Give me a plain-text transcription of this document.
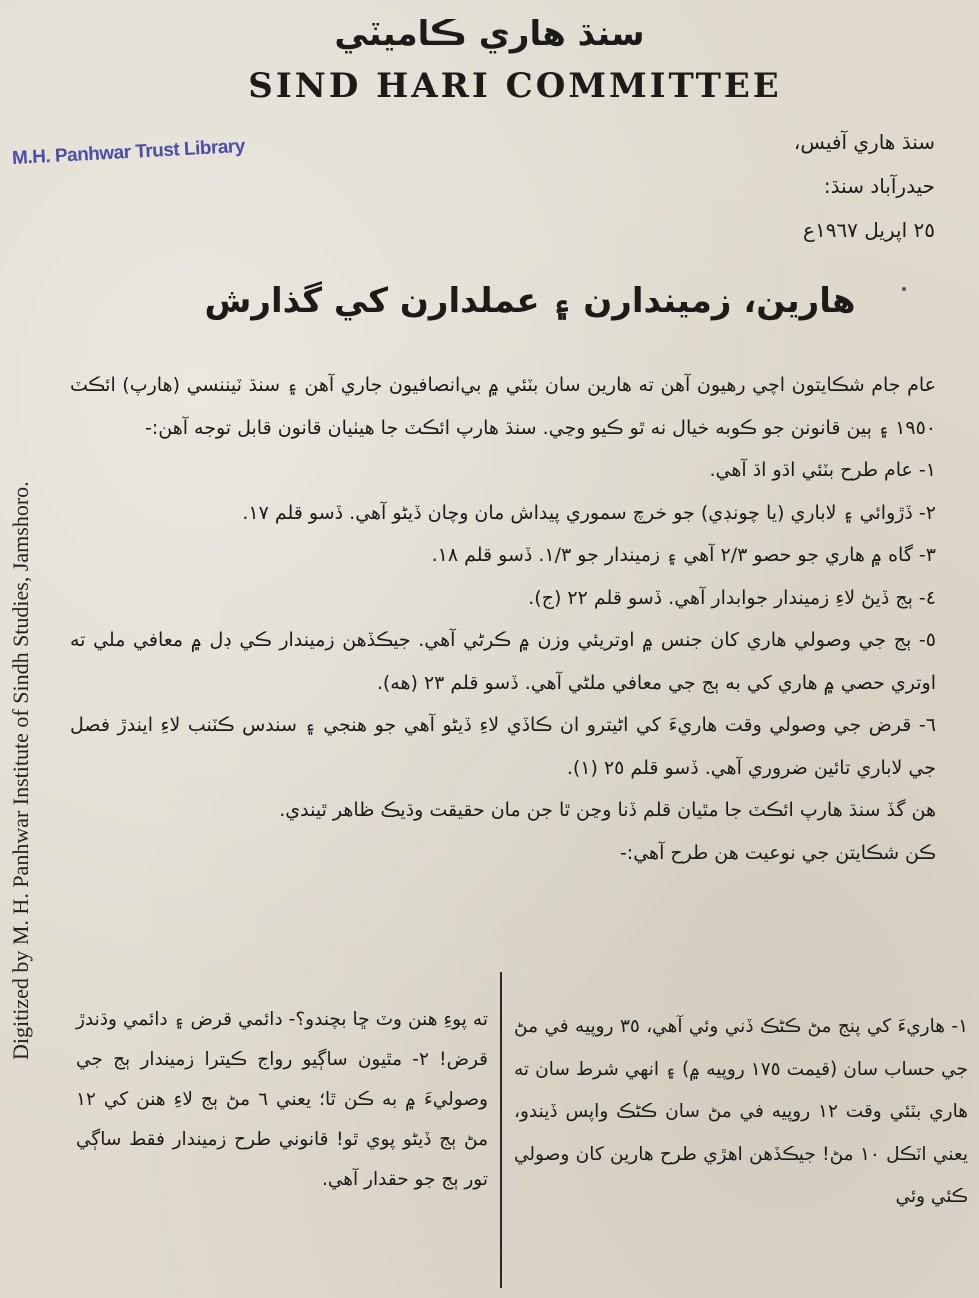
سنڌ هاري ڪاميٽي
SIND HARI COMMITTEE
M.H. Panhwar Trust Library	سنڌ هاري آفيس،
حيدرآباد سنڌ:
٢٥ اپريل ١٩٦٧ع
Digitized by M. H. Panhwar Institute of Sindh Studies, Jamshoro.
هارين، زميندارن ۽ عملدارن کي گذارش

عام جام شڪايتون اچي رهيون آهن ته هارين سان بٽئي ۾ بي‌انصافيون جاري آهن ۽ سنڌ ٽيننسي (هارپ) ائڪٽ ١٩٥٠ ۽ ٻين قانونن جو ڪوبه خيال نه ٿو ڪيو وڃي. سنڌ هارپ ائڪٽ جا هيٺيان قانون قابل توجه آهن:-

١- عام طرح بٽئي اڌو اڌ آهي.

٢- ڏڙوائي ۽ لاباري (يا چونڊي) جو خرچ سموري پيداش مان وچان ڏيڻو آهي. ڏسو قلم ١٧.

٣- گاه ۾ هاري جو حصو ٢/٣ آهي ۽ زميندار جو ١/٣. ڏسو قلم ١٨.

٤- ٻج ڏيڻ لاءِ زميندار جوابدار آهي. ڏسو قلم ٢٢ (ج).

٥- ٻج جي وصولي هاري کان جنس ۾ اوتريئي وزن ۾ ڪرڻي آهي. جيڪڏهن زميندار ڪي ڊل ۾ معافي ملي ته اوتري حصي ۾ هاري کي به ٻج جي معافي ملڻي آهي. ڏسو قلم ٢٣ (هه).

٦- قرض جي وصولي وقت هاريءَ کي اڻيترو ان ڪاڏي لاءِ ڏيڻو آهي جو هنجي ۽ سندس ڪٽنب لاءِ ايندڙ فصل جي لاباري تائين ضروري آهي. ڏسو قلم ٢٥ (١).

هن گڏ سنڌ هارپ ائڪٽ جا مٿيان قلم ڏنا وڃن ٿا جن مان حقيقت وڌيڪ ظاهر ٿيندي.

ڪن شڪايتن جي نوعيت هن طرح آهي:-

١- هاريءَ کي پنج مڻ ڪڻڪ ڏني وئي آهي، ٣٥ روپيه في مڻ جي حساب سان (قيمت ١٧٥ روپيه ۾) ۽ انهي شرط سان ته هاري بٽئي وقت ١٢ روپيه في مڻ سان ڪڻڪ واپس ڏيندو، يعني اٽڪل ١٠ مڻ! جيڪڏهن اهڙي طرح هارين کان وصولي ڪئي وئي

ته پوءِ هنن وٽ ڇا بچندو؟- دائمي قرض ۽ دائمي وڌندڙ قرض! ٢- مٿيون ساڳيو رواج ڪيترا زميندار ٻج جي وصوليءَ ۾ به ڪن ٿا؛ يعني ٦ مڻ ٻج لاءِ هنن کي ١٢ مڻ ٻج ڏيڻو پوي ٿو! قانوني طرح زميندار فقط ساڳي تور ٻج جو حقدار آهي.
